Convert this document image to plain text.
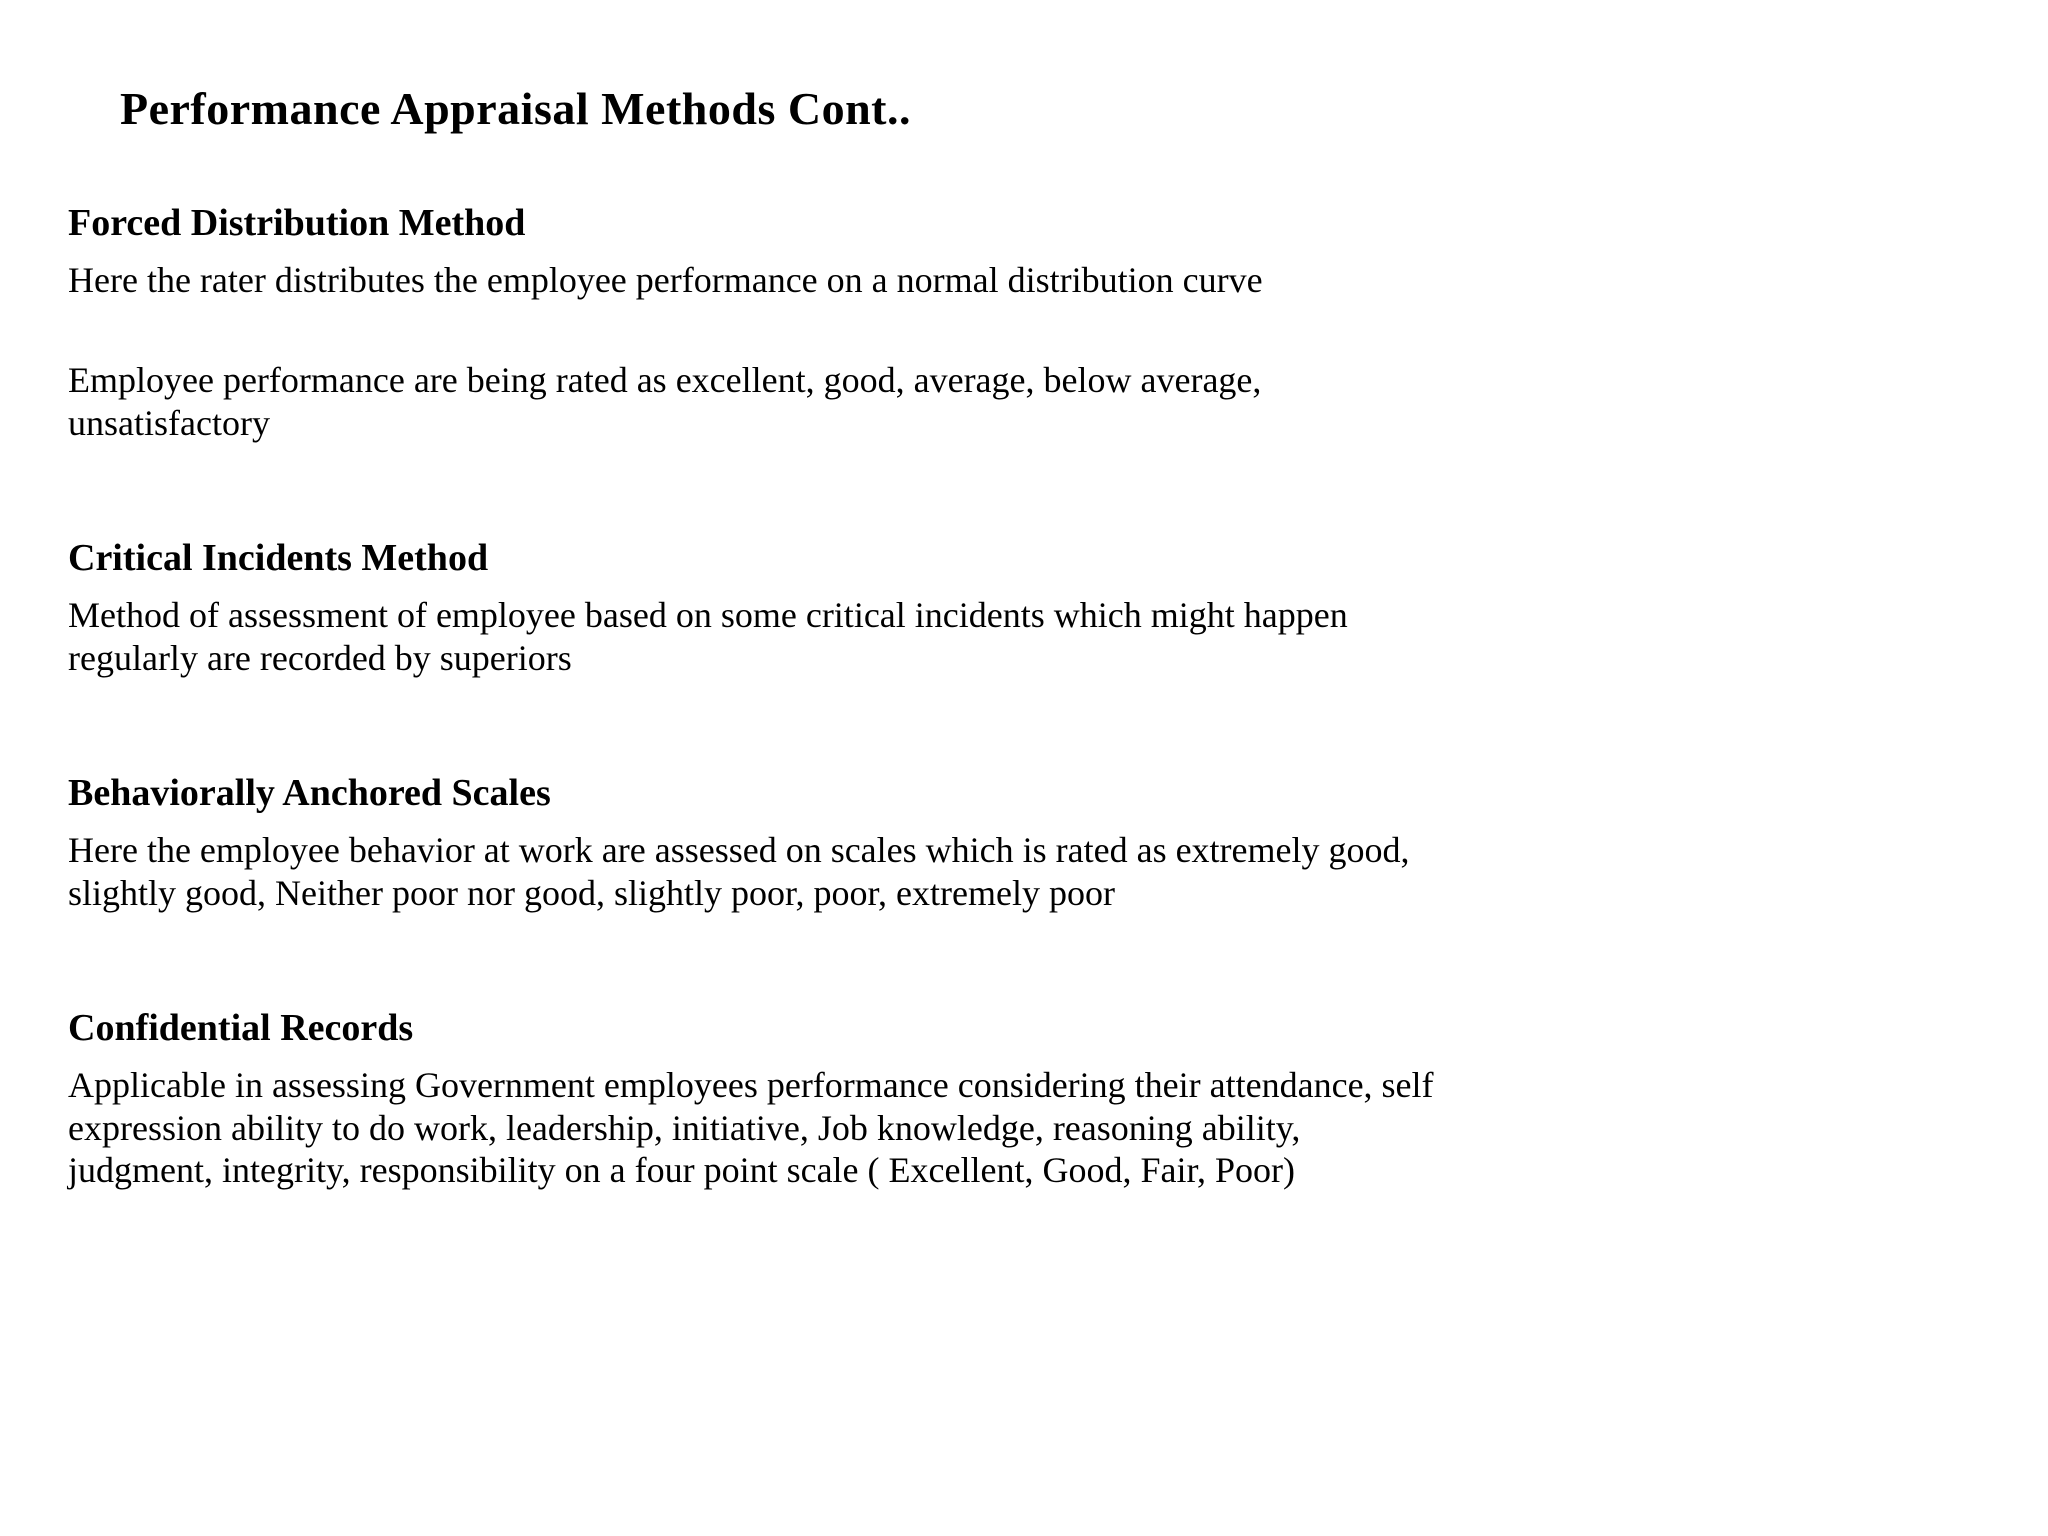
Performance Appraisal Methods Cont..
Forced Distribution Method

Here the rater distributes the employee performance on a normal distribution curve

Employee performance are being rated as excellent, good, average, below average, unsatisfactory

Critical Incidents Method

Method of assessment of employee based on some critical incidents which might happen regularly are recorded by superiors

Behaviorally Anchored Scales

Here the employee behavior at work are assessed on scales which is rated as extremely good, slightly good, Neither poor nor good, slightly poor, poor, extremely poor

Confidential Records

Applicable in assessing Government employees performance considering their attendance, self expression ability to do work, leadership, initiative, Job knowledge, reasoning ability, judgment, integrity, responsibility on a four point scale ( Excellent, Good, Fair, Poor)
